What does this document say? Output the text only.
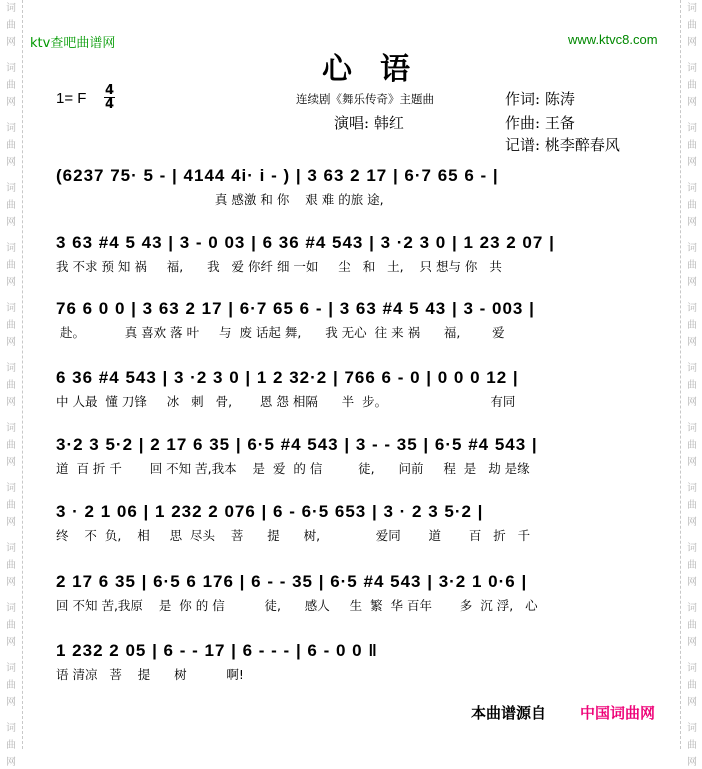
词
曲
网
词
曲
网
词
曲
网
词
曲
网
词
曲
网
词
曲
网
词
曲
网
词
曲
网
词
曲
网
词
曲
网
词
曲
网
词
曲
网
词
曲
网
词
曲
网
词
曲
网
词
曲
网
词
曲
网
词
曲
网
词
曲
网
词
曲
网
词
曲
网
词
曲
网
词
曲
网
词
曲
网
词
曲
网
词
曲
网
ktv查吧曲谱网	www.ktvc8.com
心语
1= F 4
4	连续剧《舞乐传奇》主题曲
演唱: 韩红
作词: 陈涛
作曲: 王备
记谱: 桃李醉春风
(6237 75· 5 - | 4144 4i· i - ) | 3 63 2 17 | 6·7 65 6 - |
真 感激 和 你    艰 难 的旅 途,
3 63 #4 5 43 | 3 - 0 03 | 6 36 #4 543 | 3 ·2 3 0 | 1 23 2 07 |
我 不求 预 知 祸     福,      我   爱 你纤 细 一如     尘   和   土,    只 想与 你   共
76 6 0 0 | 3 63 2 17 | 6·7 65 6 - | 3 63 #4 5 43 | 3 - 003 |
赴。          真 喜欢 落 叶     与  废 话起 舞,      我 无心  往 来 祸      福,        爱
6 36 #4 543 | 3 ·2 3 0 | 1 2 32·2 | 766 6 - 0 | 0 0 0 12 |
中 人最  懂 刀锋     冰   刺   骨,       恩 怨 相隔      半  步。                          有同
3·2 3 5·2 | 2 17 6 35 | 6·5 #4 543 | 3 - - 35 | 6·5 #4 543 |
道  百 折 千       回 不知 苦,我本    是  爱  的 信         徒,      问前     程  是   劫 是缘
3 · 2 1 06 | 1 232 2 076 | 6 - 6·5 653 | 3 · 2 3 5·2 |
终    不  负,    相     思  尽头    菩      提      树,              爱同       道       百   折   千
2 17 6 35 | 6·5 6 176 | 6 - - 35 | 6·5 #4 543 | 3·2 1 0·6 |
回 不知 苦,我原    是  你 的 信          徒,      感人     生  繁  华 百年       多  沉 浮,   心
1 232 2 05 | 6 - - 17 | 6 - - - | 6 - 0 0 ‖
语 清凉   菩    提      树          啊!
本曲谱源自 中国词曲网
